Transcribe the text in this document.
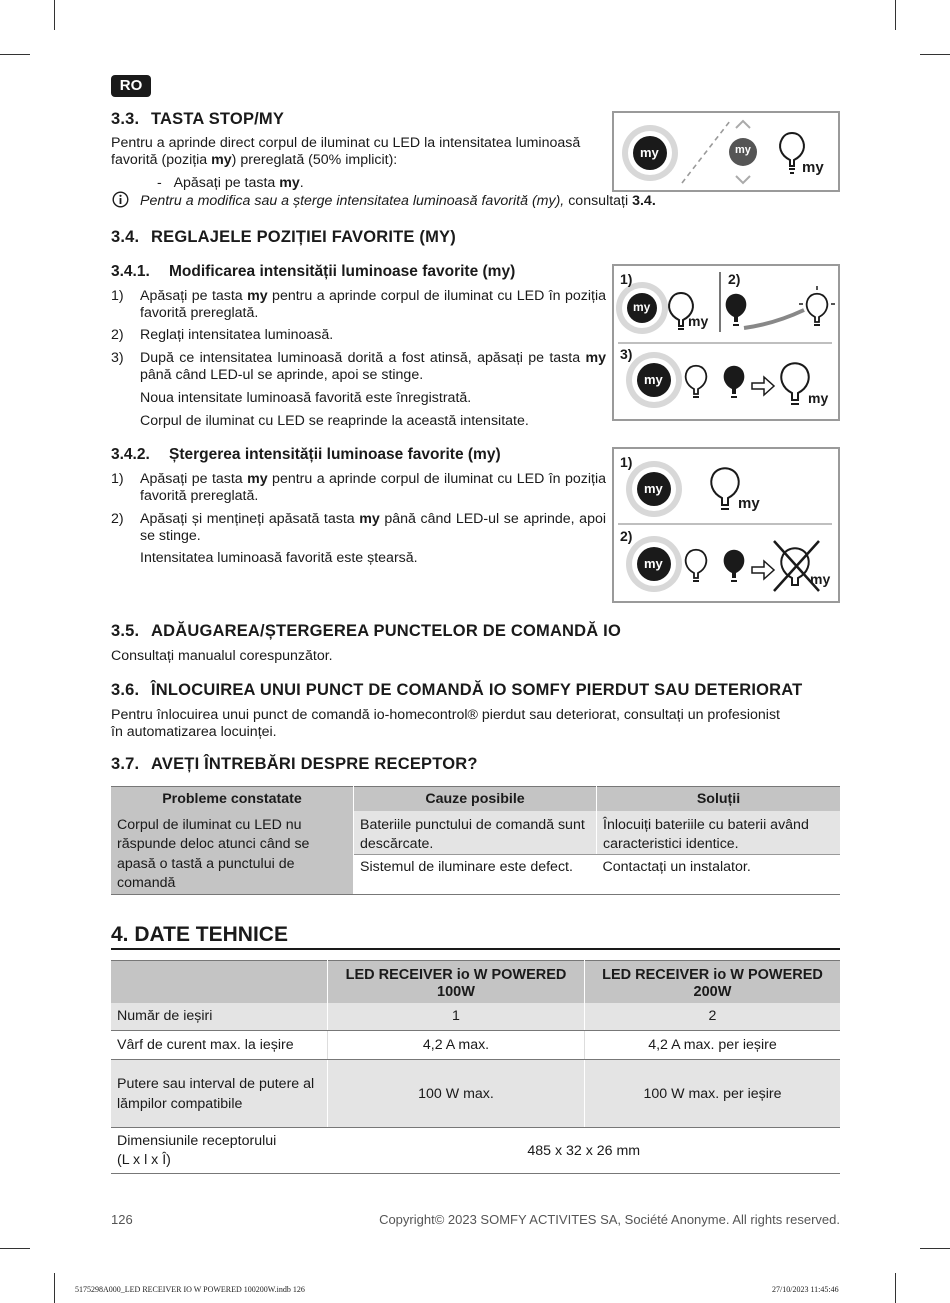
RO
3.3. TASTA STOP/MY
Pentru a aprinde direct corpul de iluminat cu LED la intensitatea luminoasă
favorită (poziția my) prereglată (50% implicit):
- Apăsați pe tasta my.
Pentru a modifica sau a șterge intensitatea luminoasă favorită (my), consultați 3.4.
my	my
my
3.4. REGLAJELE POZIȚIEI FAVORITE (MY)
3.4.1. Modificarea intensității luminoase favorite (my)
1) Apăsați pe tasta my pentru a aprinde corpul de iluminat cu LED în poziția favorită prereglată.
2) Reglați intensitatea luminoasă.
3) După ce intensitatea luminoasă dorită a fost atinsă, apăsați pe tasta my până când LED-ul se aprinde, apoi se stinge.
Noua intensitate luminoasă favorită este înregistrată.
Corpul de iluminat cu LED se reaprinde la această intensitate.
1)	2)
3)
my
my
my
my
3.4.2. Ștergerea intensității luminoase favorite (my)
1) Apăsați pe tasta my pentru a aprinde corpul de iluminat cu LED în poziția favorită prereglată.
2) Apăsați și mențineți apăsată tasta my până când LED-ul se aprinde, apoi se stinge.
Intensitatea luminoasă favorită este ștearsă.
1)
2)
my
my
my
my
3.5. ADĂUGAREA/ȘTERGEREA PUNCTELOR DE COMANDĂ IO
Consultați manualul corespunzător.
3.6. ÎNLOCUIREA UNUI PUNCT DE COMANDĂ IO SOMFY PIERDUT SAU DETERIORAT
Pentru înlocuirea unui punct de comandă io-homecontrol® pierdut sau deteriorat, consultați un profesionist
în automatizarea locuinței.
3.7. AVEȚI ÎNTREBĂRI DESPRE RECEPTOR?
Probleme constatate	Cauze posibile	Soluții
Corpul de iluminat cu LED nu răspunde deloc atunci când se apasă o tastă a punctului de comandă	Bateriile punctului de comandă sunt descărcate.	Înlocuiți bateriile cu baterii având caracteristici identice.
	Sistemul de iluminare este defect.	Contactați un instalator.
4. DATE TEHNICE
	LED RECEIVER io W POWERED 100W	LED RECEIVER io W POWERED 200W
Număr de ieșiri	1	2
Vârf de curent max. la ieșire	4,2 A max.	4,2 A max. per ieșire
Putere sau interval de putere al lămpilor compatibile	100 W max.	100 W max. per ieșire

Dimensiunile receptorului
(L x l x Î)	485 x 32 x 26 mm	
126	Copyright© 2023 SOMFY ACTIVITES SA, Société Anonyme. All rights reserved.
5175298A000_LED RECEIVER IO W POWERED 100200W.indb 126	27/10/2023 11:45:46
